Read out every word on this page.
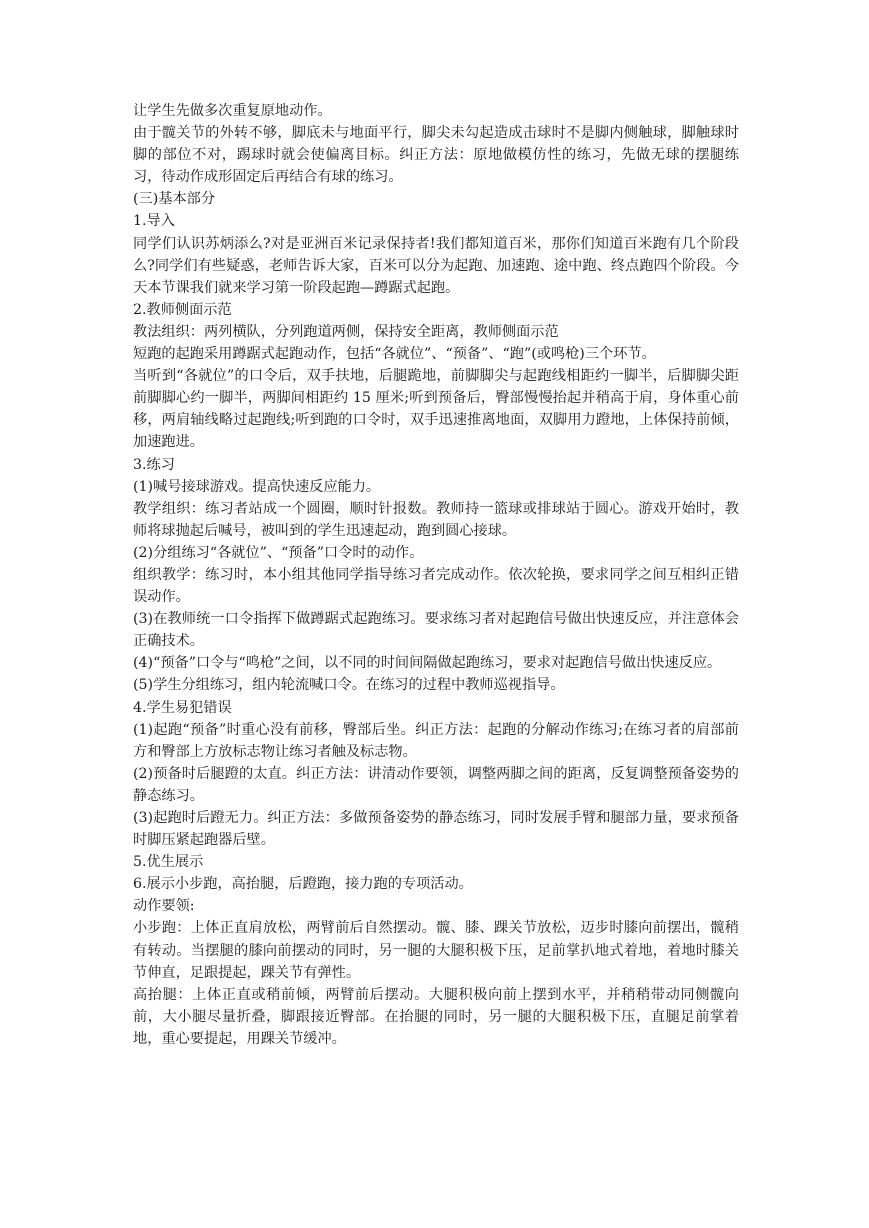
让学生先做多次重复原地动作。
由于髋关节的外转不够，脚底未与地面平行，脚尖未勾起造成击球时不是脚内侧触球，脚触球时脚的部位不对，踢球时就会使偏离目标。纠正方法：原地做模仿性的练习，先做无球的摆腿练习，待动作成形固定后再结合有球的练习。
(三)基本部分
1.导入
同学们认识苏炳添么?对是亚洲百米记录保持者!我们都知道百米，那你们知道百米跑有几个阶段么?同学们有些疑惑，老师告诉大家，百米可以分为起跑、加速跑、途中跑、终点跑四个阶段。今天本节课我们就来学习第一阶段起跑—蹲踞式起跑。
2.教师侧面示范
教法组织：两列横队，分列跑道两侧，保持安全距离，教师侧面示范
短跑的起跑采用蹲踞式起跑动作，包括“各就位”、“预备”、“跑”(或鸣枪)三个环节。
当听到“各就位”的口令后，双手扶地，后腿跪地，前脚脚尖与起跑线相距约一脚半，后脚脚尖距前脚脚心约一脚半，两脚间相距约 15 厘米;听到预备后，臀部慢慢抬起并稍高于肩，身体重心前移，两肩轴线略过起跑线;听到跑的口令时，双手迅速推离地面，双脚用力蹬地，上体保持前倾，加速跑进。
3.练习
(1)喊号接球游戏。提高快速反应能力。
教学组织：练习者站成一个圆圈，顺时针报数。教师持一篮球或排球站于圆心。游戏开始时，教师将球抛起后喊号，被叫到的学生迅速起动，跑到圆心接球。
(2)分组练习“各就位”、“预备”口令时的动作。
组织教学：练习时，本小组其他同学指导练习者完成动作。依次轮换，要求同学之间互相纠正错误动作。
(3)在教师统一口令指挥下做蹲踞式起跑练习。要求练习者对起跑信号做出快速反应，并注意体会正确技术。
(4)“预备”口令与“鸣枪”之间，以不同的时间间隔做起跑练习，要求对起跑信号做出快速反应。
(5)学生分组练习，组内轮流喊口令。在练习的过程中教师巡视指导。
4.学生易犯错误
(1)起跑“预备”时重心没有前移，臀部后坐。纠正方法：起跑的分解动作练习;在练习者的肩部前方和臀部上方放标志物让练习者触及标志物。
(2)预备时后腿蹬的太直。纠正方法：讲清动作要领，调整两脚之间的距离，反复调整预备姿势的静态练习。
(3)起跑时后蹬无力。纠正方法：多做预备姿势的静态练习，同时发展手臂和腿部力量，要求预备时脚压紧起跑器后壁。
5.优生展示
6.展示小步跑，高抬腿，后蹬跑，接力跑的专项活动。
动作要领:
小步跑：上体正直肩放松，两臂前后自然摆动。髋、膝、踝关节放松，迈步时膝向前摆出，髋稍有转动。当摆腿的膝向前摆动的同时，另一腿的大腿积极下压，足前掌扒地式着地，着地时膝关节伸直，足跟提起，踝关节有弹性。
高抬腿：上体正直或稍前倾，两臂前后摆动。大腿积极向前上摆到水平，并稍稍带动同侧髋向前，大小腿尽量折叠，脚跟接近臀部。在抬腿的同时，另一腿的大腿积极下压，直腿足前掌着地，重心要提起，用踝关节缓冲。
